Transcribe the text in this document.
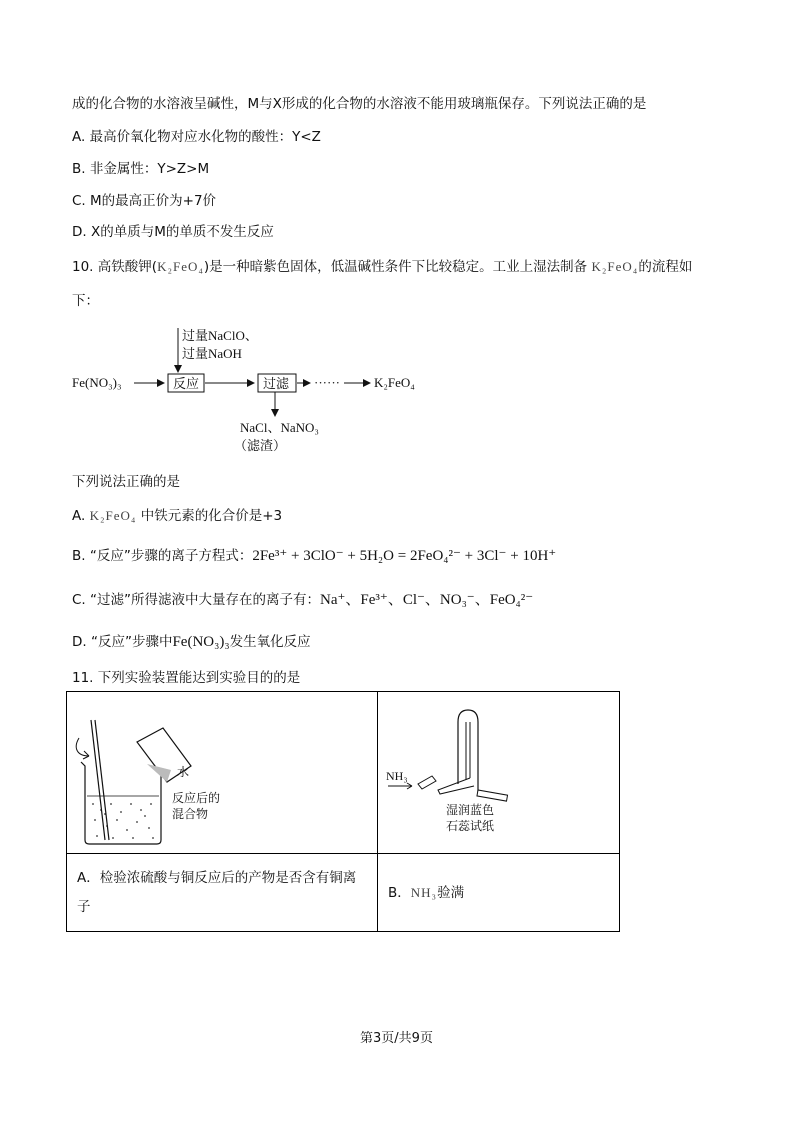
成的化合物的水溶液呈碱性，M与X形成的化合物的水溶液不能用玻璃瓶保存。下列说法正确的是
A. 最高价氧化物对应水化物的酸性：Y<Z
B. 非金属性：Y>Z>M
C. M的最高正价为+7价
D. X的单质与M的单质不发生反应
10. 高铁酸钾(K₂FeO₄)是一种暗紫色固体，低温碱性条件下比较稳定。工业上湿法制备 K₂FeO₄的流程如
下：
过量NaClO、
过量NaOH
Fe(NO₃)₃	反应	过滤 ······	K₂FeO₄
NaCl、NaNO₃
（滤渣）
下列说法正确的是
A. K₂FeO₄ 中铁元素的化合价是+3
B. “反应”步骤的离子方程式：2Fe³⁺ + 3ClO⁻ + 5H₂O = 2FeO₄²⁻ + 3Cl⁻ + 10H⁺
C. “过滤”所得滤液中大量存在的离子有：Na⁺、Fe³⁺、Cl⁻、NO₃⁻、FeO₄²⁻
D. “反应”步骤中Fe(NO₃)₃发生氧化反应
11. 下列实验装置能达到实验目的的是
水
反应后的
混合物	NH₃
湿润蓝色
石蕊试纸

A．检验浓硫酸与铜反应后的产物是否含有铜离子	B．NH₃验满
第3页/共9页
